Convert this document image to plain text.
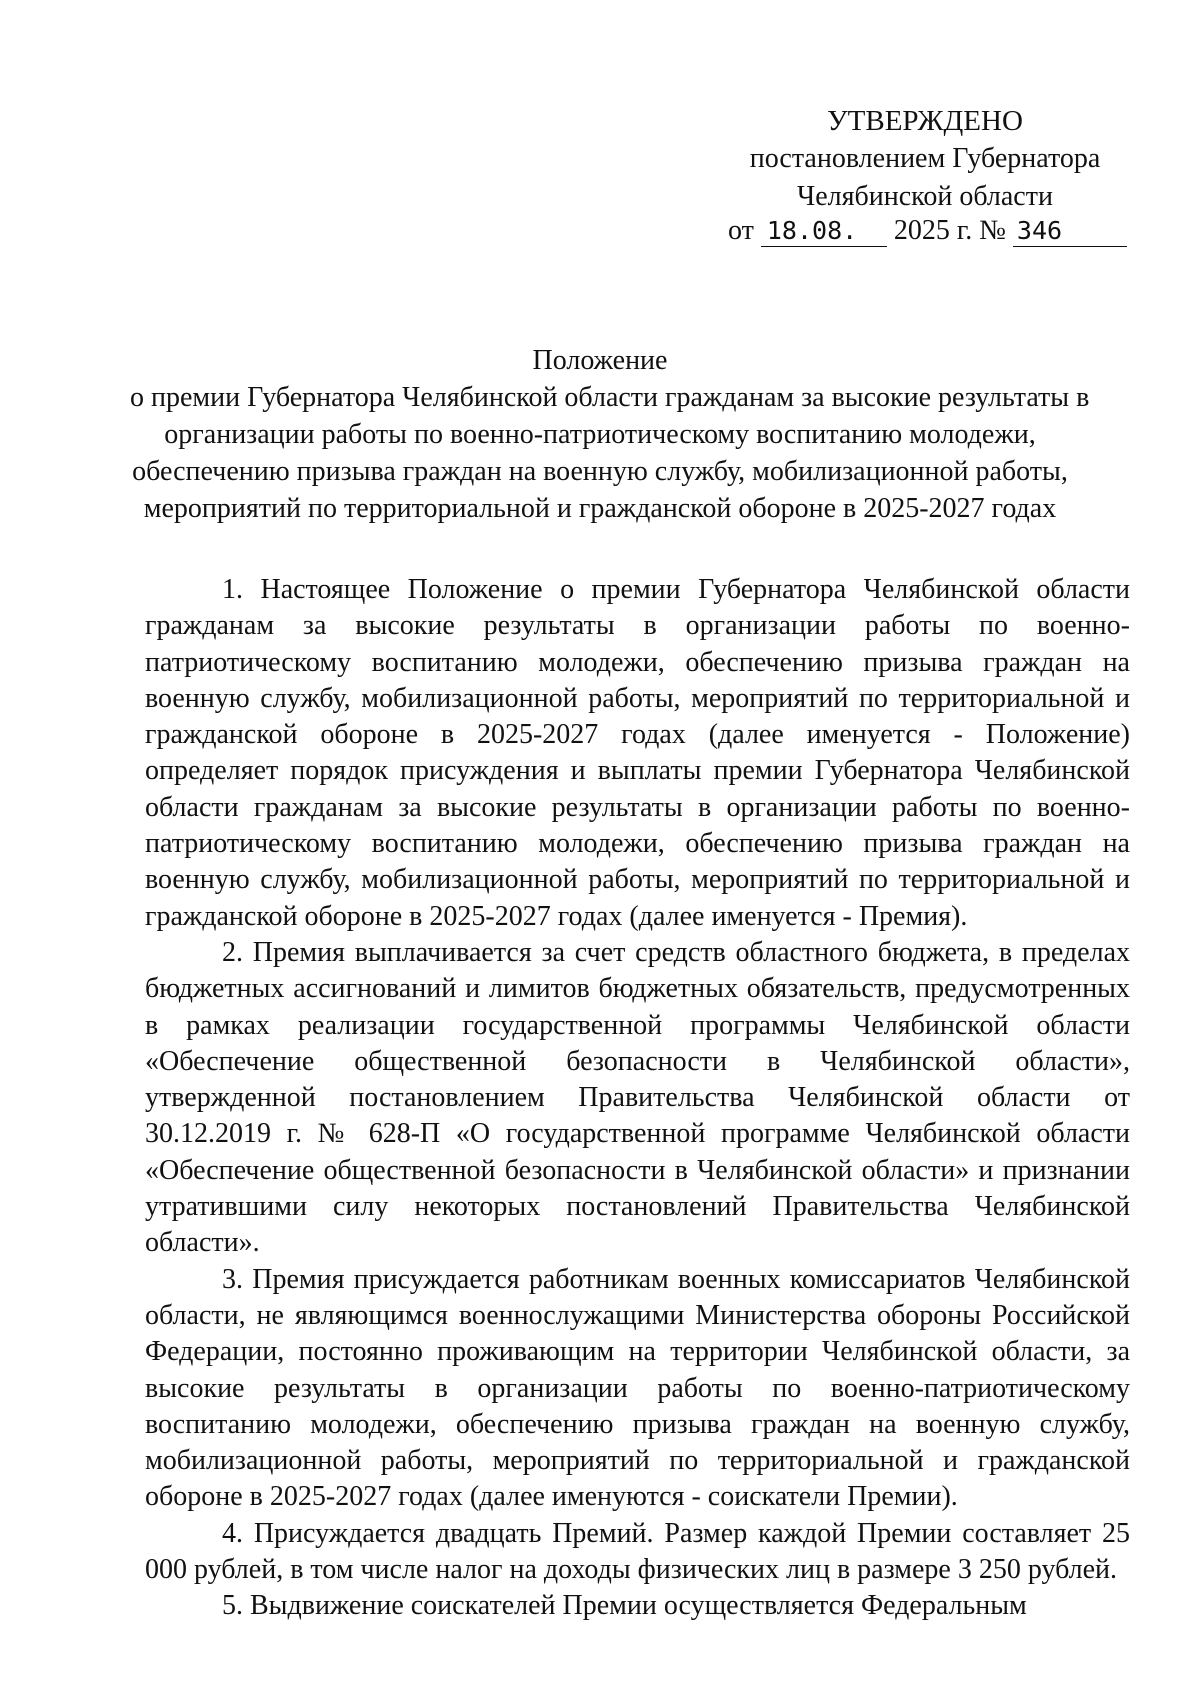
УТВЕРЖДЕНО
постановлением Губернатора
Челябинской области
от 18.08. 2025 г. № 346
Положение
о премии Губернатора Челябинской области гражданам за высокие результаты в
организации работы по военно-патриотическому воспитанию молодежи,
обеспечению призыва граждан на военную службу, мобилизационной работы,
мероприятий по территориальной и гражданской обороне в 2025-2027 годах

1. Настоящее Положение о премии Губернатора Челябинской области гражданам за высокие результаты в организации работы по военно-патриотическому воспитанию молодежи, обеспечению призыва граждан на военную службу, мобилизационной работы, мероприятий по территориальной и гражданской обороне в 2025-2027 годах (далее именуется - Положение) определяет порядок присуждения и выплаты премии Губернатора Челябинской области гражданам за высокие результаты в организации работы по военно-патриотическому воспитанию молодежи, обеспечению призыва граждан на военную службу, мобилизационной работы, мероприятий по территориальной и гражданской обороне в 2025-2027 годах (далее именуется - Премия).

2. Премия выплачивается за счет средств областного бюджета, в пределах бюджетных ассигнований и лимитов бюджетных обязательств, предусмотренных в рамках реализации государственной программы Челябинской области «Обеспечение общественной безопасности в Челябинской области», утвержденной постановлением Правительства Челябинской области от 30.12.2019 г. № 628-П «О государственной программе Челябинской области «Обеспечение общественной безопасности в Челябинской области» и признании утратившими силу некоторых постановлений Правительства Челябинской области».

3. Премия присуждается работникам военных комиссариатов Челябинской области, не являющимся военнослужащими Министерства обороны Российской Федерации, постоянно проживающим на территории Челябинской области, за высокие результаты в организации работы по военно-патриотическому воспитанию молодежи, обеспечению призыва граждан на военную службу, мобилизационной работы, мероприятий по территориальной и гражданской обороне в 2025-2027 годах (далее именуются - соискатели Премии).

4. Присуждается двадцать Премий. Размер каждой Премии составляет 25 000 рублей, в том числе налог на доходы физических лиц в размере 3 250 рублей.

5. Выдвижение соискателей Премии осуществляется Федеральным
